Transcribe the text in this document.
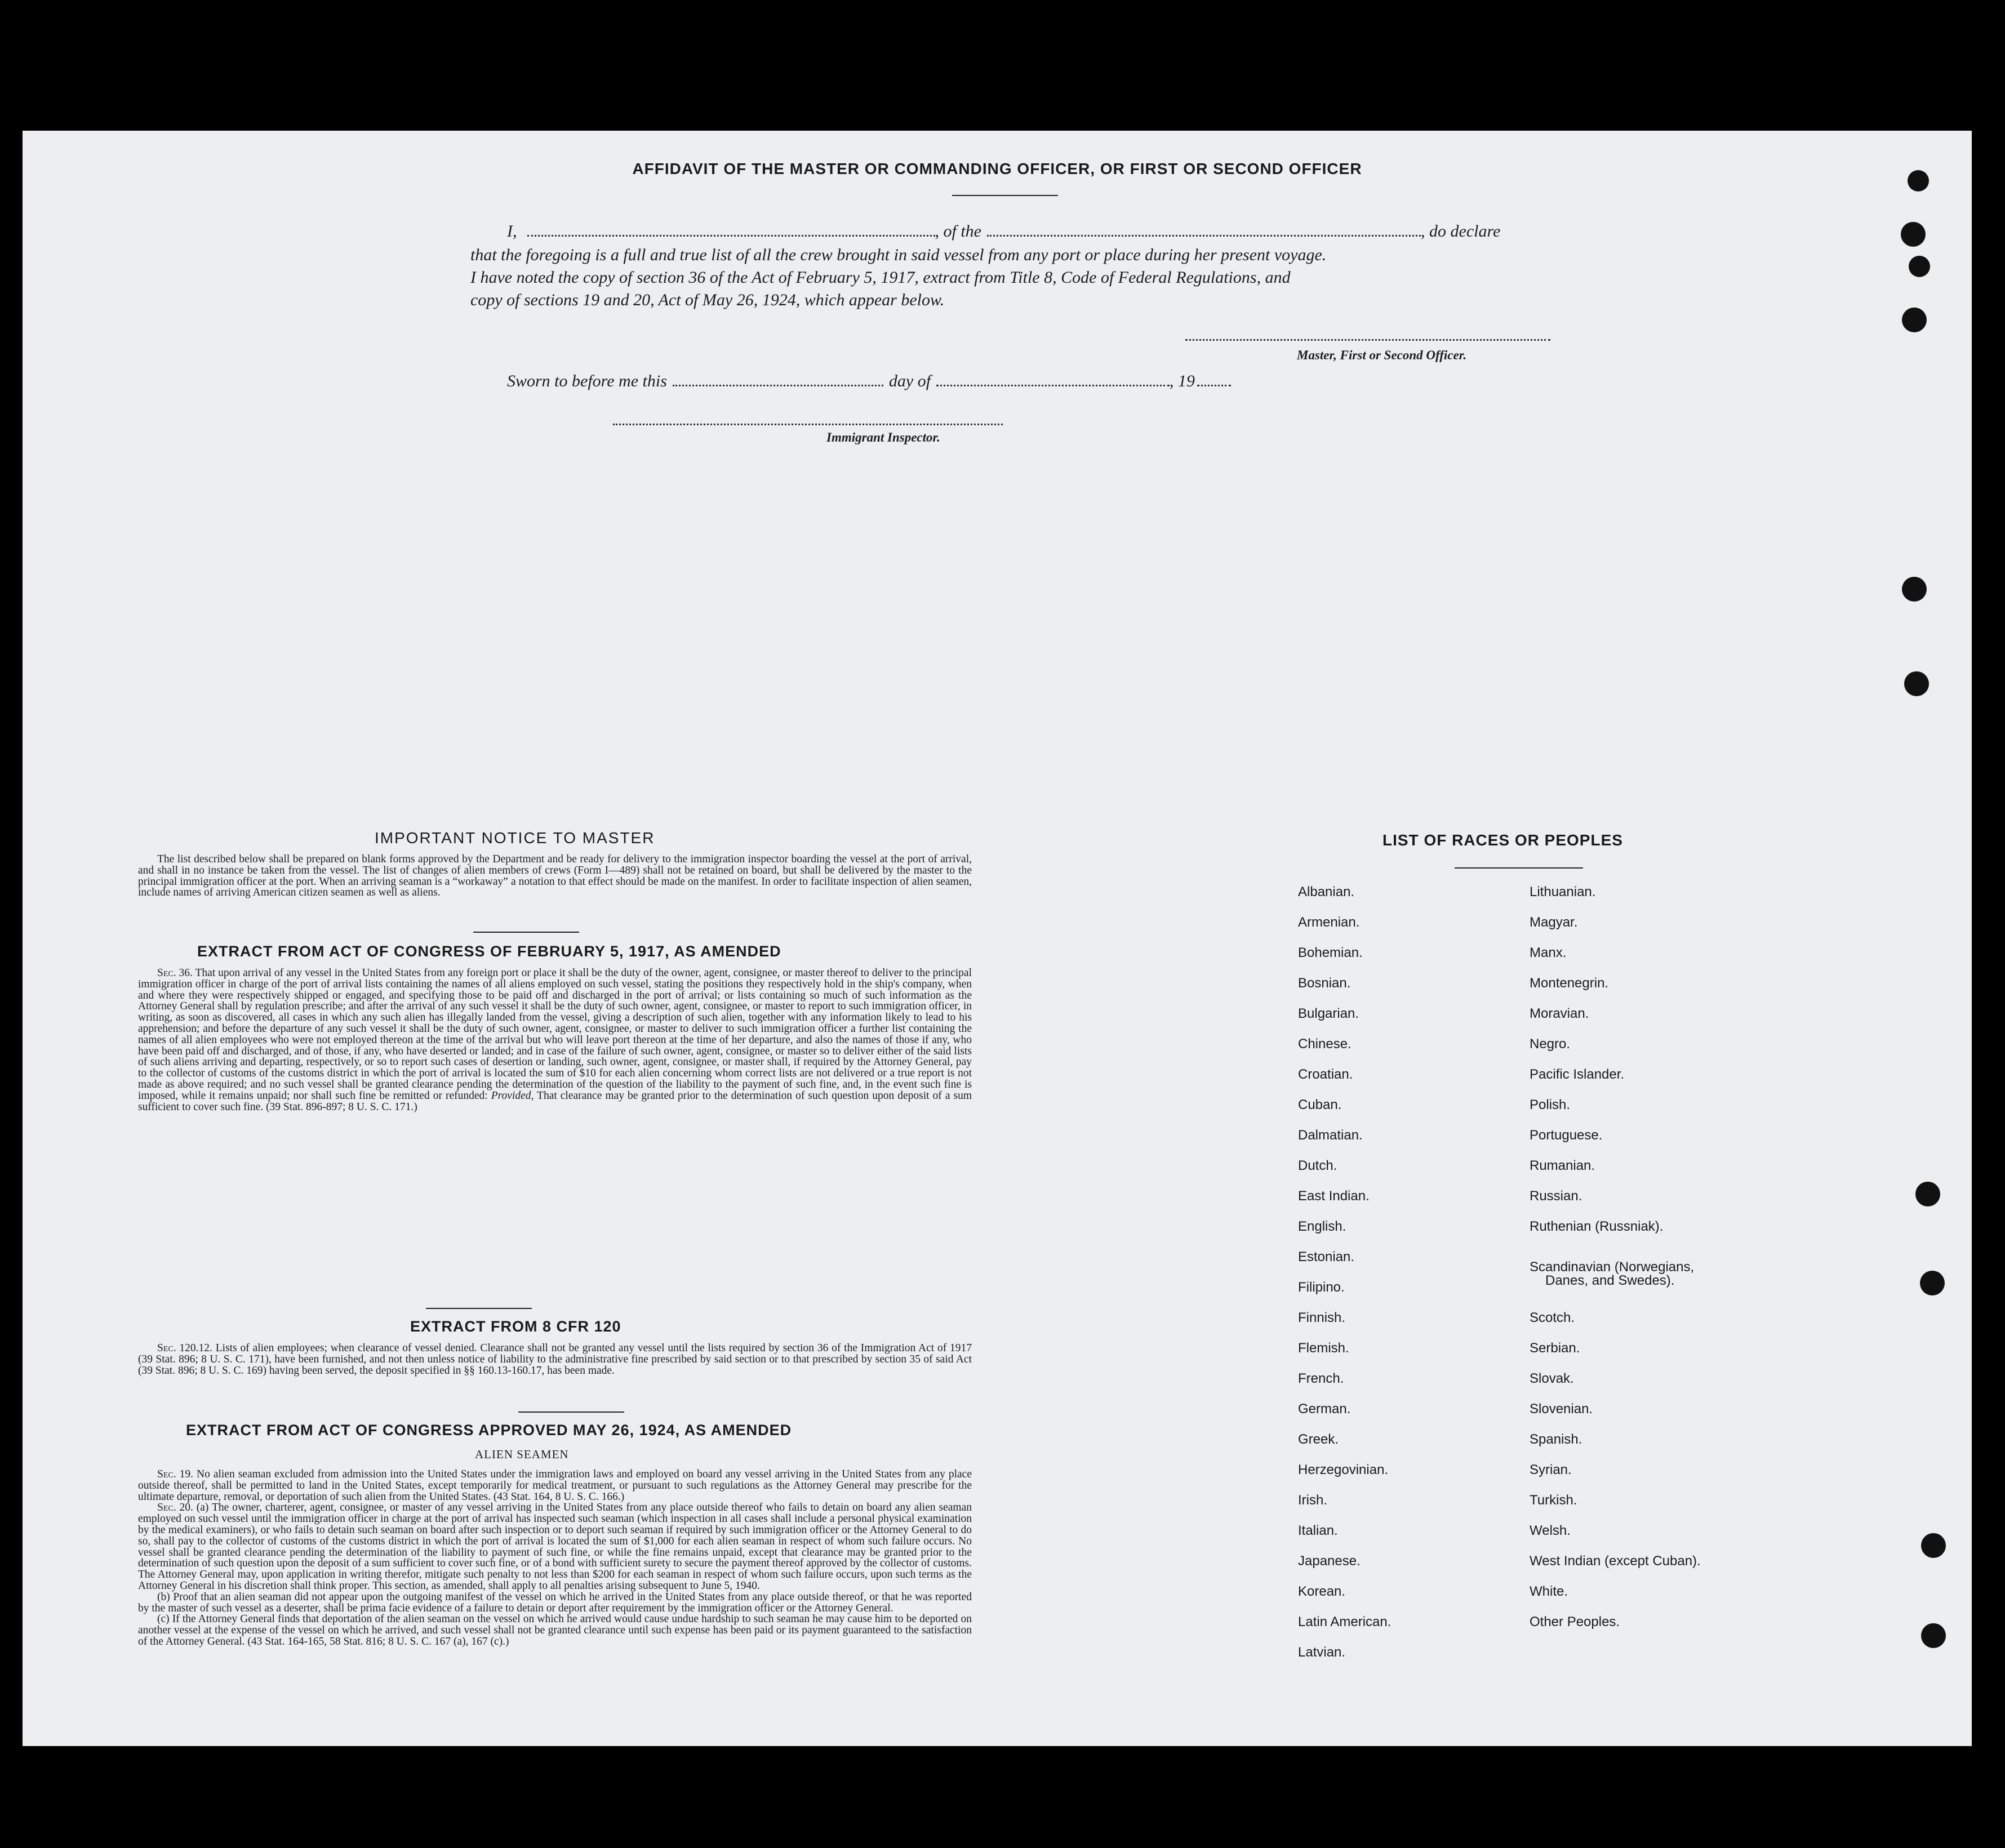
AFFIDAVIT OF THE MASTER OR COMMANDING OFFICER, OR FIRST OR SECOND OFFICER
I,	, of the	, do declare
that the foregoing is a full and true list of all the crew brought in said vessel from any port or place during her present voyage.
I have noted the copy of section 36 of the Act of February 5, 1917, extract from Title 8, Code of Federal Regulations, and
copy of sections 19 and 20, Act of May 26, 1924, which appear below.
Master, First or Second Officer.
Sworn to before me this	day of	, 19
Immigrant Inspector.
IMPORTANT NOTICE TO MASTER

The list described below shall be prepared on blank forms approved by the Department and be ready for delivery to the immigration inspector boarding the vessel at the port of arrival, and shall in no instance be taken from the vessel. The list of changes of alien members of crews (Form I—489) shall not be retained on board, but shall be delivered by the master to the principal immigration officer at the port. When an arriving seaman is a “workaway” a notation to that effect should be made on the manifest. In order to facilitate inspection of alien seamen, include names of arriving American citizen seamen as well as aliens.

EXTRACT FROM ACT OF CONGRESS OF FEBRUARY 5, 1917, AS AMENDED

Sec. 36. That upon arrival of any vessel in the United States from any foreign port or place it shall be the duty of the owner, agent, consignee, or master thereof to deliver to the principal immigration officer in charge of the port of arrival lists containing the names of all aliens employed on such vessel, stating the positions they respectively hold in the ship's company, when and where they were respectively shipped or engaged, and specifying those to be paid off and discharged in the port of arrival; or lists containing so much of such information as the Attorney General shall by regulation prescribe; and after the arrival of any such vessel it shall be the duty of such owner, agent, consignee, or master to report to such immigration officer, in writing, as soon as discovered, all cases in which any such alien has illegally landed from the vessel, giving a description of such alien, together with any information likely to lead to his apprehension; and before the departure of any such vessel it shall be the duty of such owner, agent, consignee, or master to deliver to such immigration officer a further list containing the names of all alien employees who were not employed thereon at the time of the arrival but who will leave port thereon at the time of her departure, and also the names of those if any, who have been paid off and discharged, and of those, if any, who have deserted or landed; and in case of the failure of such owner, agent, consignee, or master so to deliver either of the said lists of such aliens arriving and departing, respectively, or so to report such cases of desertion or landing, such owner, agent, consignee, or master shall, if required by the Attorney General, pay to the collector of customs of the customs district in which the port of arrival is located the sum of $10 for each alien concerning whom correct lists are not delivered or a true report is not made as above required; and no such vessel shall be granted clearance pending the determination of the question of the liability to the payment of such fine, and, in the event such fine is imposed, while it remains unpaid; nor shall such fine be remitted or refunded: Provided, That clearance may be granted prior to the determination of such question upon deposit of a sum sufficient to cover such fine. (39 Stat. 896-897; 8 U. S. C. 171.)

EXTRACT FROM 8 CFR 120

Sec. 120.12. Lists of alien employees; when clearance of vessel denied. Clearance shall not be granted any vessel until the lists required by section 36 of the Immigration Act of 1917 (39 Stat. 896; 8 U. S. C. 171), have been furnished, and not then unless notice of liability to the administrative fine prescribed by said section or to that prescribed by section 35 of said Act (39 Stat. 896; 8 U. S. C. 169) having been served, the deposit specified in §§ 160.13-160.17, has been made.

EXTRACT FROM ACT OF CONGRESS APPROVED MAY 26, 1924, AS AMENDED
ALIEN SEAMEN

Sec. 19. No alien seaman excluded from admission into the United States under the immigration laws and employed on board any vessel arriving in the United States from any place outside thereof, shall be permitted to land in the United States, except temporarily for medical treatment, or pursuant to such regulations as the Attorney General may prescribe for the ultimate departure, removal, or deportation of such alien from the United States. (43 Stat. 164, 8 U. S. C. 166.)

Sec. 20. (a) The owner, charterer, agent, consignee, or master of any vessel arriving in the United States from any place outside thereof who fails to detain on board any alien seaman employed on such vessel until the immigration officer in charge at the port of arrival has inspected such seaman (which inspection in all cases shall include a personal physical examination by the medical examiners), or who fails to detain such seaman on board after such inspection or to deport such seaman if required by such immigration officer or the Attorney General to do so, shall pay to the collector of customs of the customs district in which the port of arrival is located the sum of $1,000 for each alien seaman in respect of whom such failure occurs. No vessel shall be granted clearance pending the determination of the liability to payment of such fine, or while the fine remains unpaid, except that clearance may be granted prior to the determination of such question upon the deposit of a sum sufficient to cover such fine, or of a bond with sufficient surety to secure the payment thereof approved by the collector of customs. The Attorney General may, upon application in writing therefor, mitigate such penalty to not less than $200 for each seaman in respect of whom such failure occurs, upon such terms as the Attorney General in his discretion shall think proper. This section, as amended, shall apply to all penalties arising subsequent to June 5, 1940.

(b) Proof that an alien seaman did not appear upon the outgoing manifest of the vessel on which he arrived in the United States from any place outside thereof, or that he was reported by the master of such vessel as a deserter, shall be prima facie evidence of a failure to detain or deport after requirement by the immigration officer or the Attorney General.

(c) If the Attorney General finds that deportation of the alien seaman on the vessel on which he arrived would cause undue hardship to such seaman he may cause him to be deported on another vessel at the expense of the vessel on which he arrived, and such vessel shall not be granted clearance until such expense has been paid or its payment guaranteed to the satisfaction of the Attorney General. (43 Stat. 164-165, 58 Stat. 816; 8 U. S. C. 167 (a), 167 (c).)

LIST OF RACES OR PEOPLES
Albanian.
Armenian.
Bohemian.
Bosnian.
Bulgarian.
Chinese.
Croatian.
Cuban.
Dalmatian.
Dutch.
East Indian.
English.
Estonian.
Filipino.
Finnish.
Flemish.
French.
German.
Greek.
Herzegovinian.
Irish.
Italian.
Japanese.
Korean.
Latin American.
Latvian.
Lithuanian.
Magyar.
Manx.
Montenegrin.
Moravian.
Negro.
Pacific Islander.
Polish.
Portuguese.
Rumanian.
Russian.
Ruthenian (Russniak).
Scandinavian (Norwegians,
Danes, and Swedes).
Scotch.
Serbian.
Slovak.
Slovenian.
Spanish.
Syrian.
Turkish.
Welsh.
West Indian (except Cuban).
White.
Other Peoples.
